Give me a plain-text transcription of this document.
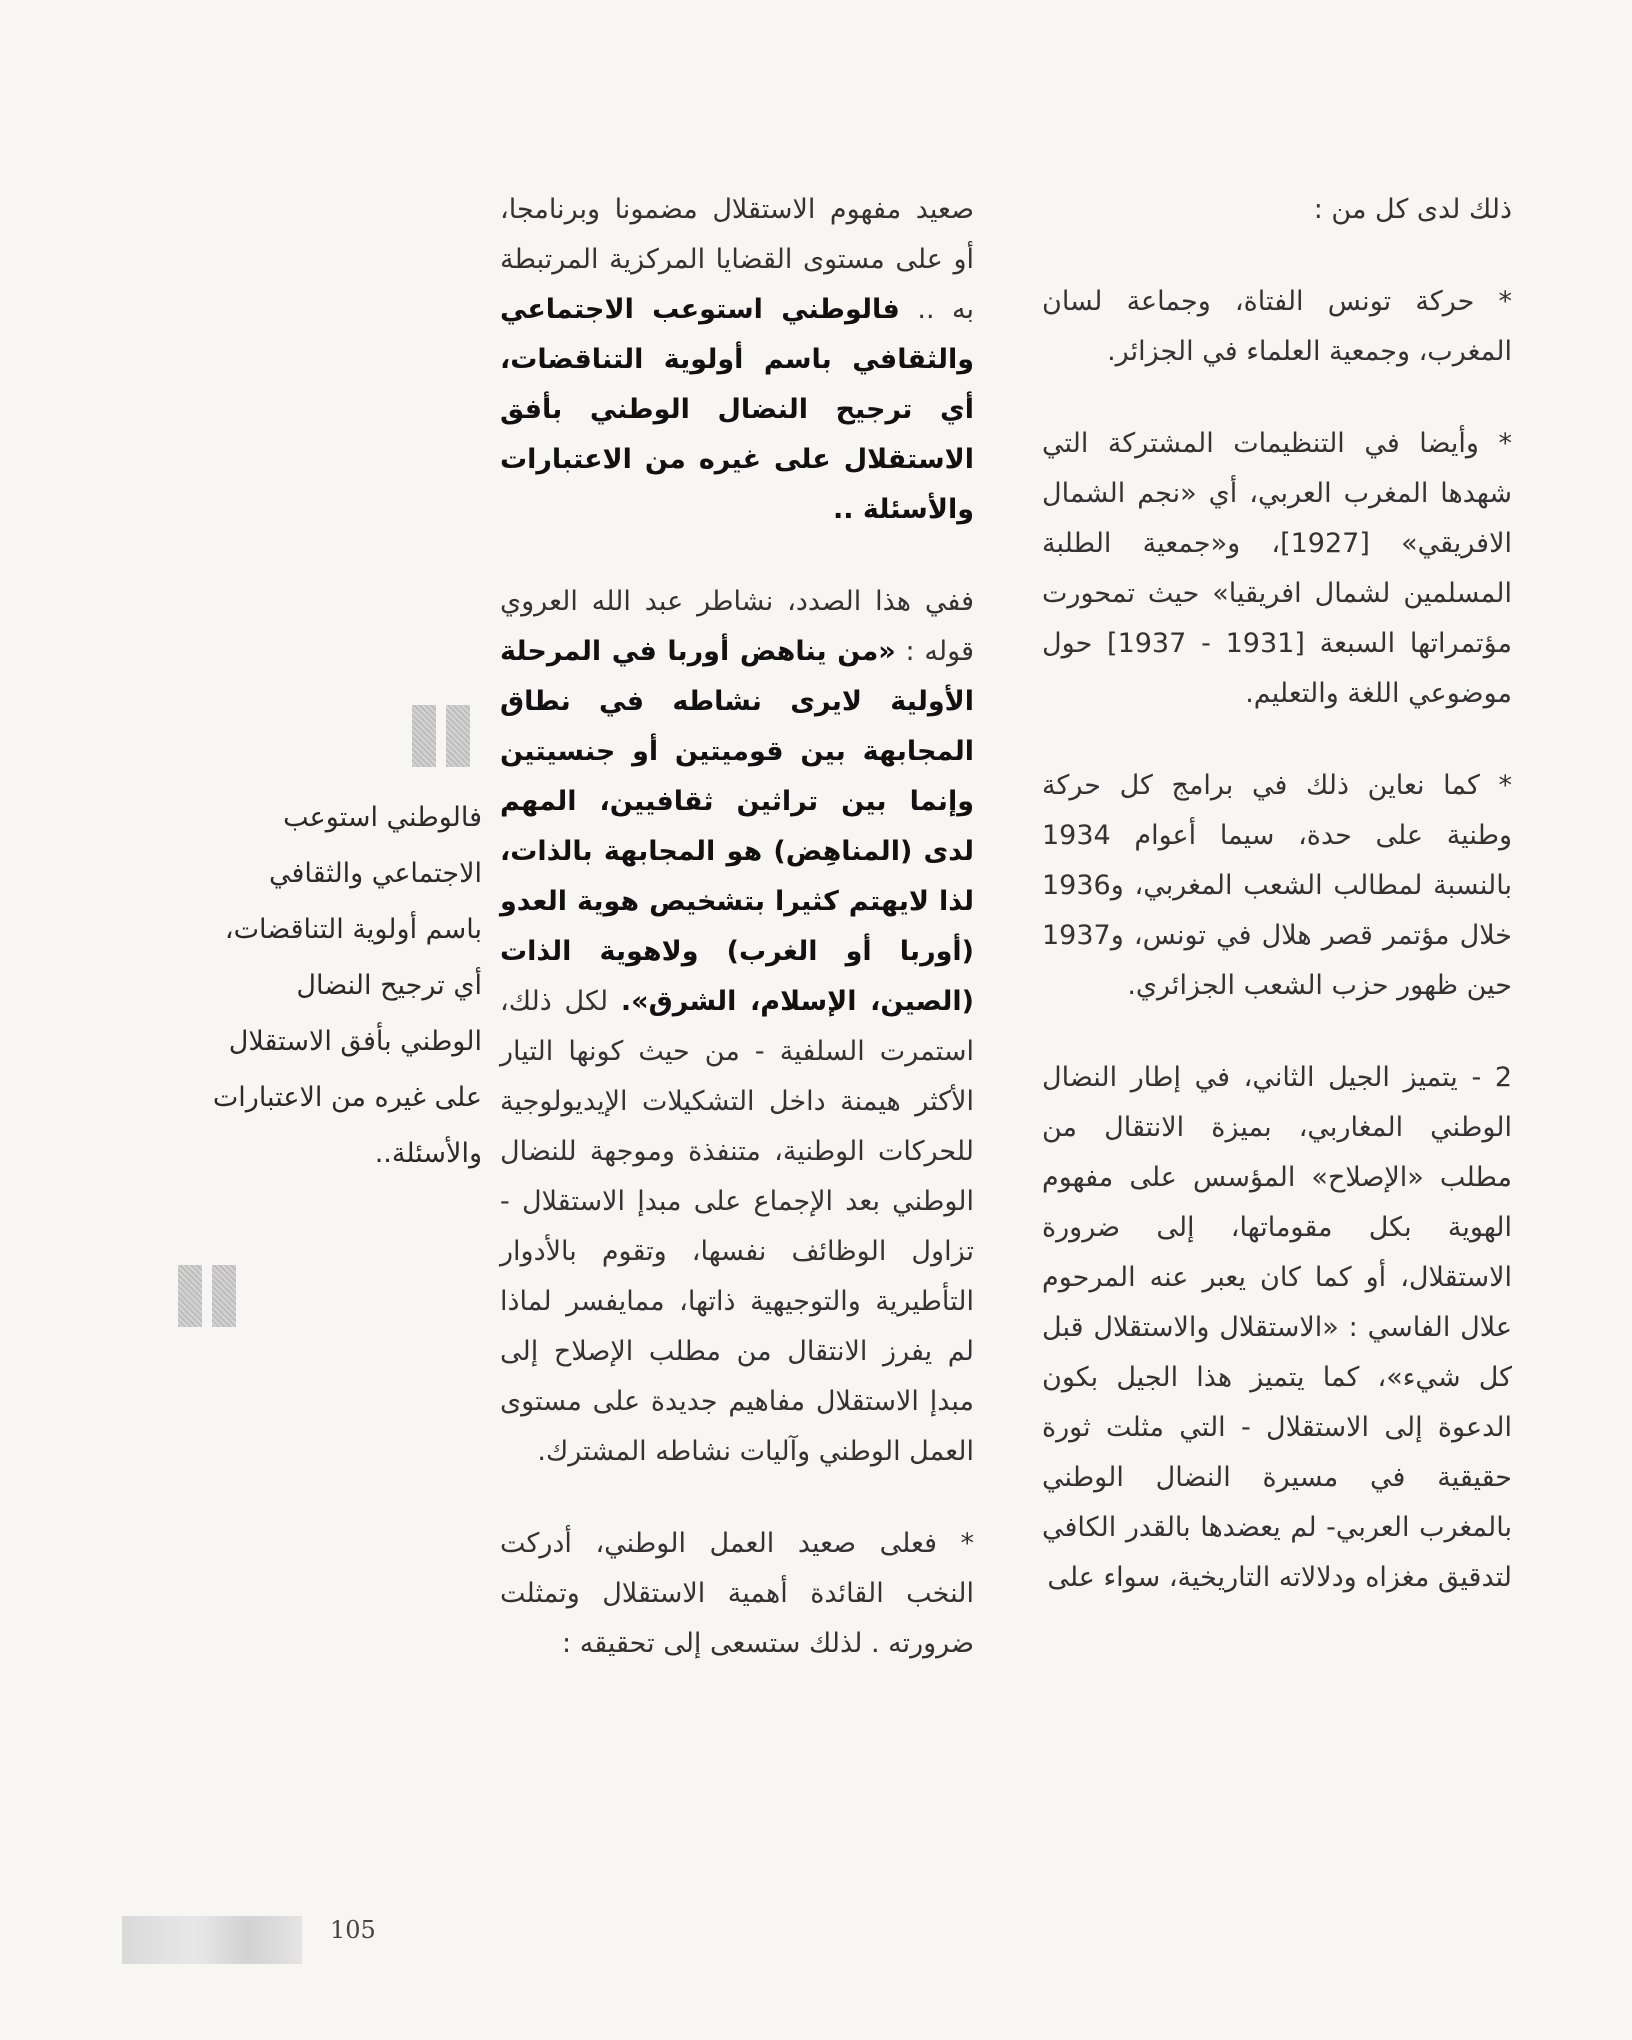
ذلك لدى كل من :

* حركة تونس الفتاة، وجماعة لسان المغرب، وجمعية العلماء في الجزائر.

* وأيضا في التنظيمات المشتركة التي شهدها المغرب العربي، أي «نجم الشمال الافريقي» [1927]، و«جمعية الطلبة المسلمين لشمال افريقيا» حيث تمحورت مؤتمراتها السبعة [1931 - 1937] حول موضوعي اللغة والتعليم.

* كما نعاين ذلك في برامج كل حركة وطنية على حدة، سيما أعوام 1934 بالنسبة لمطالب الشعب المغربي، و1936 خلال مؤتمر قصر هلال في تونس، و1937 حين ظهور حزب الشعب الجزائري.

2 - يتميز الجيل الثاني، في إطار النضال الوطني المغاربي، بميزة الانتقال من مطلب «الإصلاح» المؤسس على مفهوم الهوية بكل مقوماتها، إلى ضرورة الاستقلال، أو كما كان يعبر عنه المرحوم علال الفاسي : «الاستقلال والاستقلال قبل كل شيء»، كما يتميز هذا الجيل بكون الدعوة إلى الاستقلال - التي مثلت ثورة حقيقية في مسيرة النضال الوطني بالمغرب العربي- لم يعضدها بالقدر الكافي لتدقيق مغزاه ودلالاته التاريخية، سواء على

صعيد مفهوم الاستقلال مضمونا وبرنامجا، أو على مستوى القضايا المركزية المرتبطة به .. فالوطني استوعب الاجتماعي والثقافي باسم أولوية التناقضات، أي ترجيح النضال الوطني بأفق الاستقلال على غيره من الاعتبارات والأسئلة ..

ففي هذا الصدد، نشاطر عبد الله العروي قوله : «من يناهض أوربا في المرحلة الأولية لايرى نشاطه في نطاق المجابهة بين قوميتين أو جنسيتين وإنما بين تراثين ثقافيين، المهم لدى (المناهِض) هو المجابهة بالذات، لذا لايهتم كثيرا بتشخيص هوية العدو (أوربا أو الغرب) ولاهوية الذات (الصين، الإسلام، الشرق». لكل ذلك، استمرت السلفية - من حيث كونها التيار الأكثر هيمنة داخل التشكيلات الإيديولوجية للحركات الوطنية، متنفذة وموجهة للنضال الوطني بعد الإجماع على مبدإ الاستقلال - تزاول الوظائف نفسها، وتقوم بالأدوار التأطيرية والتوجيهية ذاتها، ممايفسر لماذا لم يفرز الانتقال من مطلب الإصلاح إلى مبدإ الاستقلال مفاهيم جديدة على مستوى العمل الوطني وآليات نشاطه المشترك.

* فعلى صعيد العمل الوطني، أدركت النخب القائدة أهمية الاستقلال وتمثلت ضرورته . لذلك ستسعى إلى تحقيقه :

فالوطني استوعب الاجتماعي والثقافي باسم أولوية التناقضات، أي ترجيح النضال الوطني بأفق الاستقلال على غيره من الاعتبارات والأسئلة..

105
